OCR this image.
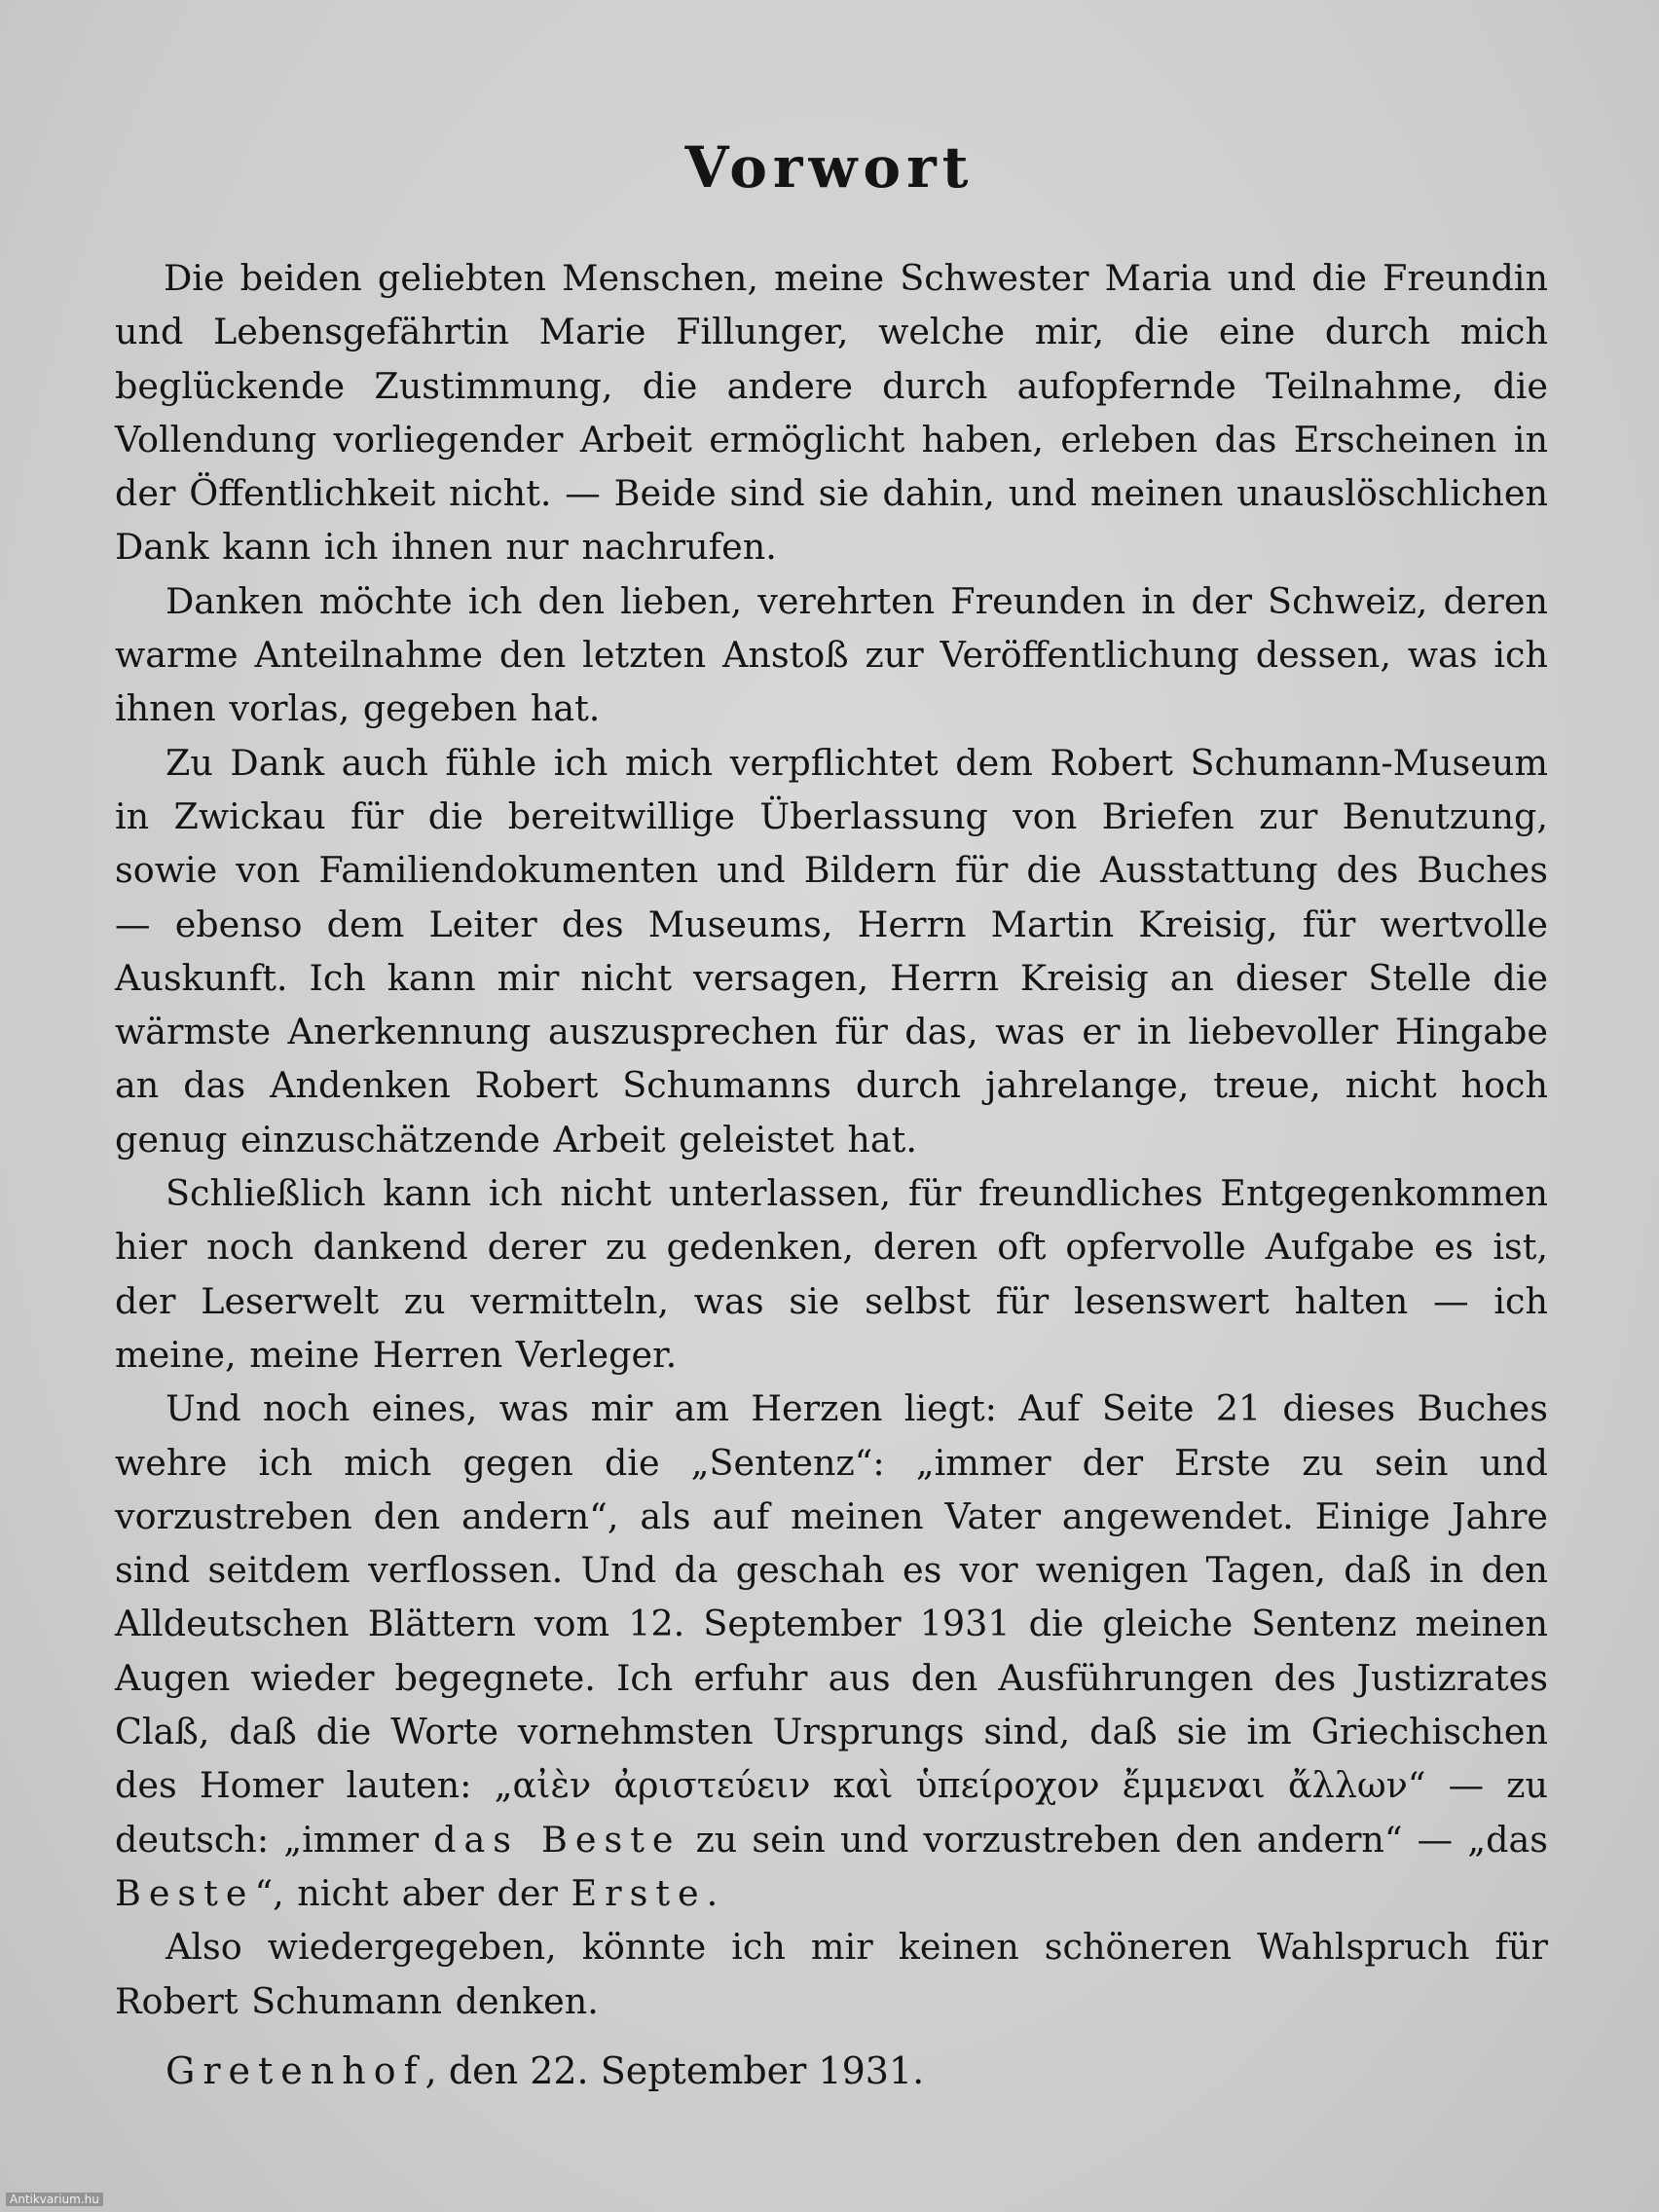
Vorwort

Die beiden geliebten Menschen, meine Schwester Maria und die Freundin und Lebensgefährtin Marie Fillunger, welche mir, die eine durch mich beglückende Zustimmung, die andere durch aufopfernde Teilnahme, die Vollendung vorliegender Arbeit ermöglicht haben, erleben das Erscheinen in der Öffentlichkeit nicht. — Beide sind sie dahin, und meinen unauslöschlichen Dank kann ich ihnen nur nachrufen.

Danken möchte ich den lieben, verehrten Freunden in der Schweiz, deren warme Anteilnahme den letzten Anstoß zur Veröffentlichung dessen, was ich ihnen vorlas, gegeben hat.

Zu Dank auch fühle ich mich verpflichtet dem Robert Schumann-Museum in Zwickau für die bereitwillige Überlassung von Briefen zur Benutzung, sowie von Familiendokumenten und Bildern für die Ausstattung des Buches — ebenso dem Leiter des Museums, Herrn Martin Kreisig, für wertvolle Auskunft. Ich kann mir nicht versagen, Herrn Kreisig an dieser Stelle die wärmste Anerkennung auszusprechen für das, was er in liebevoller Hingabe an das Andenken Robert Schumanns durch jahrelange, treue, nicht hoch genug einzuschätzende Arbeit geleistet hat.

Schließlich kann ich nicht unterlassen, für freundliches Entgegenkommen hier noch dankend derer zu gedenken, deren oft opfervolle Aufgabe es ist, der Leserwelt zu vermitteln, was sie selbst für lesenswert halten — ich meine, meine Herren Verleger.

Und noch eines, was mir am Herzen liegt: Auf Seite 21 dieses Buches wehre ich mich gegen die „Sentenz“: „immer der Erste zu sein und vorzustreben den andern“, als auf meinen Vater angewendet. Einige Jahre sind seitdem verflossen. Und da geschah es vor wenigen Tagen, daß in den Alldeutschen Blättern vom 12. September 1931 die gleiche Sentenz meinen Augen wieder begegnete. Ich erfuhr aus den Ausführungen des Justizrates Claß, daß die Worte vornehmsten Ursprungs sind, daß sie im Griechischen des Homer lauten: „αἰὲν ἀριστεύειν καὶ ὑπείροχον ἔμμεναι ἄλλων“ — zu deutsch: „immer das Beste zu sein und vorzustreben den andern“ — „das Beste“, nicht aber der Erste.

Also wiedergegeben, könnte ich mir keinen schöneren Wahlspruch für Robert Schumann denken.

Gretenhof, den 22. September 1931.

Antikvarium.hu
